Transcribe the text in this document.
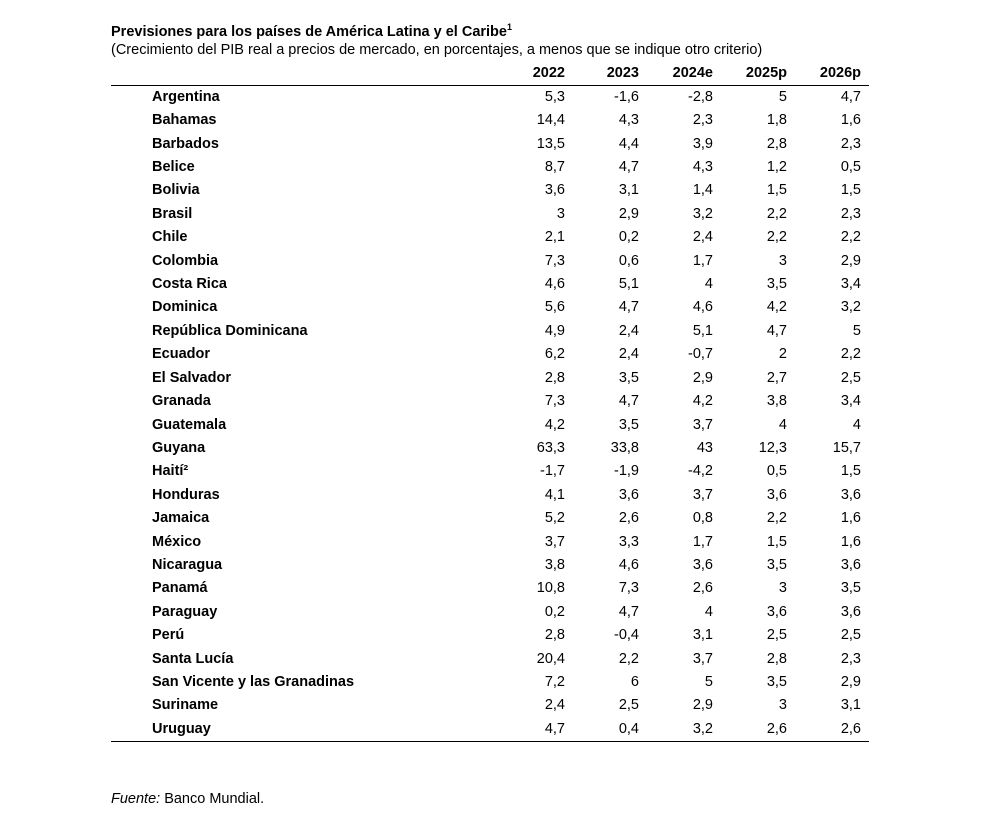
Previsiones para los países de América Latina y el Caribe$^1$
(Crecimiento del PIB real a precios de mercado, en porcentajes, a menos que se indique otro criterio)
	2022	2023	2024e	2025p	2026p
Argentina	5,3	-1,6	-2,8	5	4,7
Bahamas	14,4	4,3	2,3	1,8	1,6
Barbados	13,5	4,4	3,9	2,8	2,3
Belice	8,7	4,7	4,3	1,2	0,5
Bolivia	3,6	3,1	1,4	1,5	1,5
Brasil	3	2,9	3,2	2,2	2,3
Chile	2,1	0,2	2,4	2,2	2,2
Colombia	7,3	0,6	1,7	3	2,9
Costa Rica	4,6	5,1	4	3,5	3,4
Dominica	5,6	4,7	4,6	4,2	3,2
República Dominicana	4,9	2,4	5,1	4,7	5
Ecuador	6,2	2,4	-0,7	2	2,2
El Salvador	2,8	3,5	2,9	2,7	2,5
Granada	7,3	4,7	4,2	3,8	3,4
Guatemala	4,2	3,5	3,7	4	4
Guyana	63,3	33,8	43	12,3	15,7
Haití²	-1,7	-1,9	-4,2	0,5	1,5
Honduras	4,1	3,6	3,7	3,6	3,6
Jamaica	5,2	2,6	0,8	2,2	1,6
México	3,7	3,3	1,7	1,5	1,6
Nicaragua	3,8	4,6	3,6	3,5	3,6
Panamá	10,8	7,3	2,6	3	3,5
Paraguay	0,2	4,7	4	3,6	3,6
Perú	2,8	-0,4	3,1	2,5	2,5
Santa Lucía	20,4	2,2	3,7	2,8	2,3
San Vicente y las Granadinas	7,2	6	5	3,5	2,9
Suriname	2,4	2,5	2,9	3	3,1
Uruguay	4,7	0,4	3,2	2,6	2,6
Fuente: Banco Mundial.
